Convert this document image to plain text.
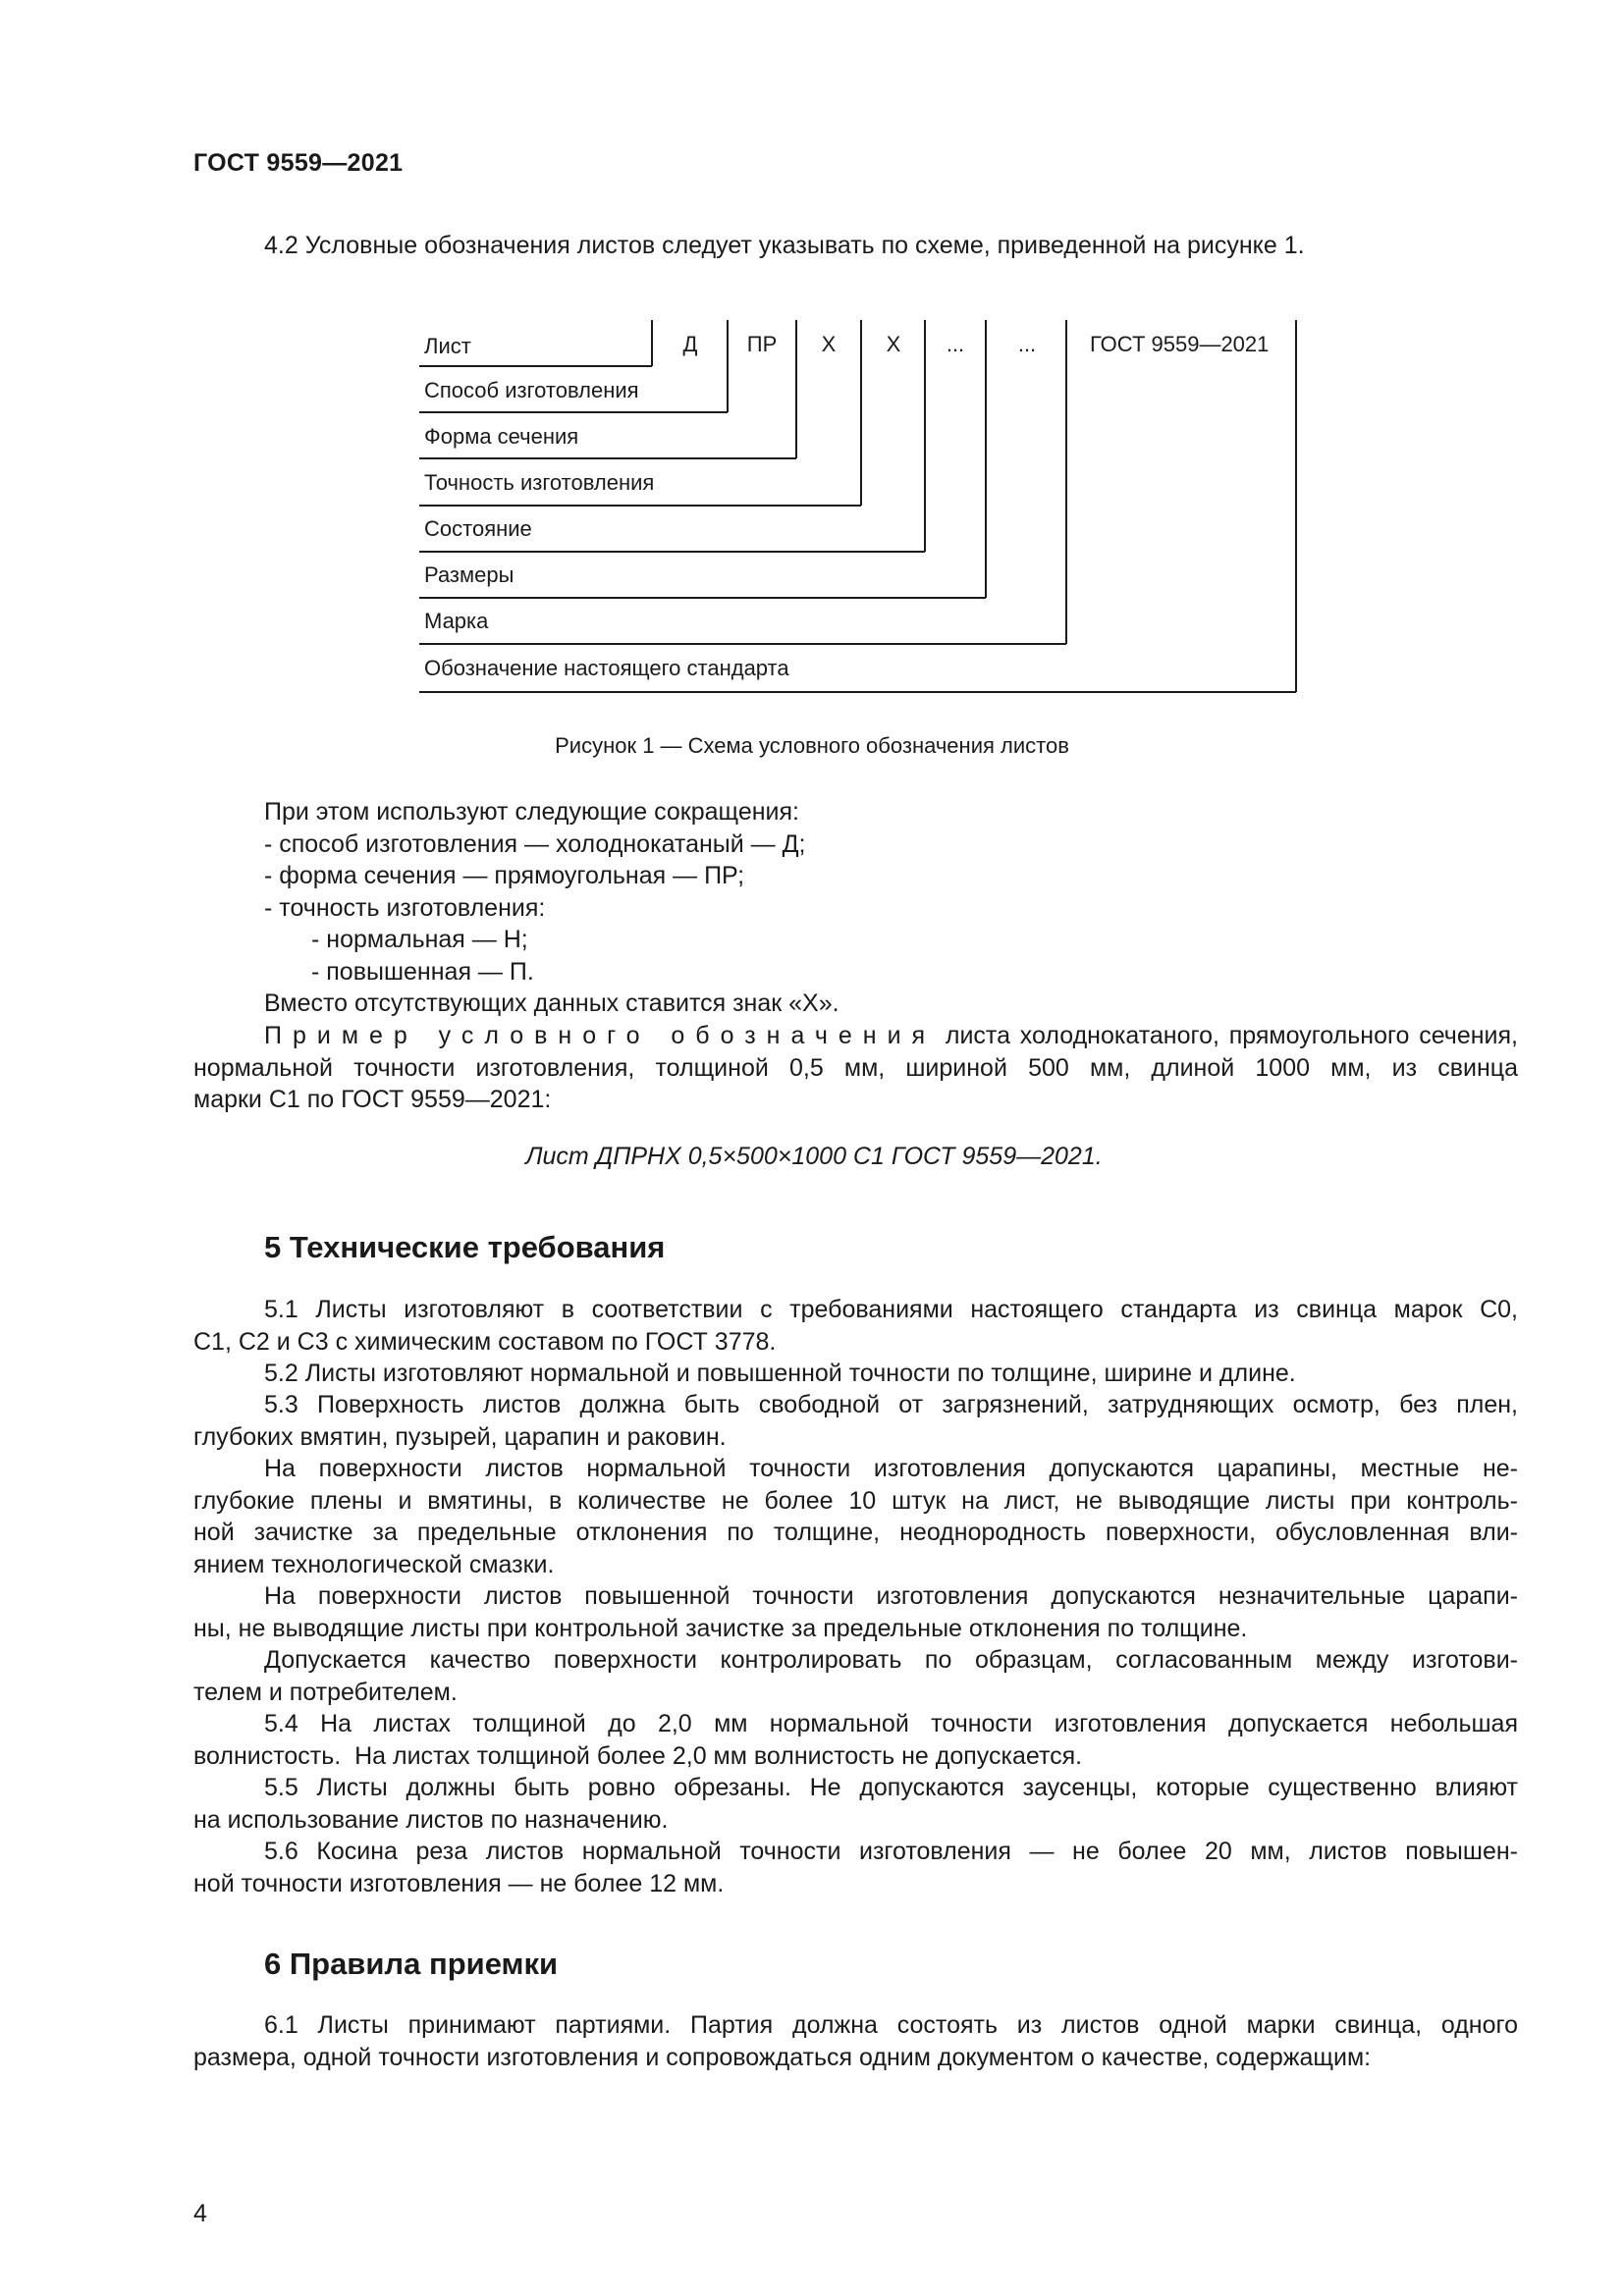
ГОСТ 9559—2021
4.2 Условные обозначения листов следует указывать по схеме, приведенной на рисунке 1.
Д ПР Х Х ... ... ГОСТ 9559—2021
Лист
Способ изготовления
Форма сечения
Точность изготовления
Состояние
Размеры
Марка
Обозначение настоящего стандарта
Рисунок 1 — Схема условного обозначения листов
При этом используют следующие сокращения:
- способ изготовления — холоднокатаный — Д;
- форма сечения — прямоугольная — ПР;
- точность изготовления:
- нормальная — Н;
- повышенная — П.
Вместо отсутствующих данных ставится знак «Х».
Пример условного обозначения листа холоднокатаного, прямоугольного сечения,
нормальной точности изготовления, толщиной 0,5 мм, шириной 500 мм, длиной 1000 мм, из свинца
марки С1 по ГОСТ 9559—2021:
Лист ДПРНХ 0,5×500×1000 С1 ГОСТ 9559—2021.
5 Технические требования
5.1 Листы изготовляют в соответствии с требованиями настоящего стандарта из свинца марок С0,
С1, С2 и С3 с химическим составом по ГОСТ 3778.
5.2 Листы изготовляют нормальной и повышенной точности по толщине, ширине и длине.
5.3 Поверхность листов должна быть свободной от загрязнений, затрудняющих осмотр, без плен,
глубоких вмятин, пузырей, царапин и раковин.
На поверхности листов нормальной точности изготовления допускаются царапины, местные не-
глубокие плены и вмятины, в количестве не более 10 штук на лист, не выводящие листы при контроль-
ной зачистке за предельные отклонения по толщине, неоднородность поверхности, обусловленная вли-
янием технологической смазки.
На поверхности листов повышенной точности изготовления допускаются незначительные царапи-
ны, не выводящие листы при контрольной зачистке за предельные отклонения по толщине.
Допускается качество поверхности контролировать по образцам, согласованным между изготови-
телем и потребителем.
5.4 На листах толщиной до 2,0 мм нормальной точности изготовления допускается небольшая
волнистость.  На листах толщиной более 2,0 мм волнистость не допускается.
5.5 Листы должны быть ровно обрезаны. Не допускаются заусенцы, которые существенно влияют
на использование листов по назначению.
5.6 Косина реза листов нормальной точности изготовления — не более 20 мм, листов повышен-
ной точности изготовления — не более 12 мм.
6 Правила приемки
6.1 Листы принимают партиями. Партия должна состоять из листов одной марки свинца, одного
размера, одной точности изготовления и сопровождаться одним документом о качестве, содержащим:
4
